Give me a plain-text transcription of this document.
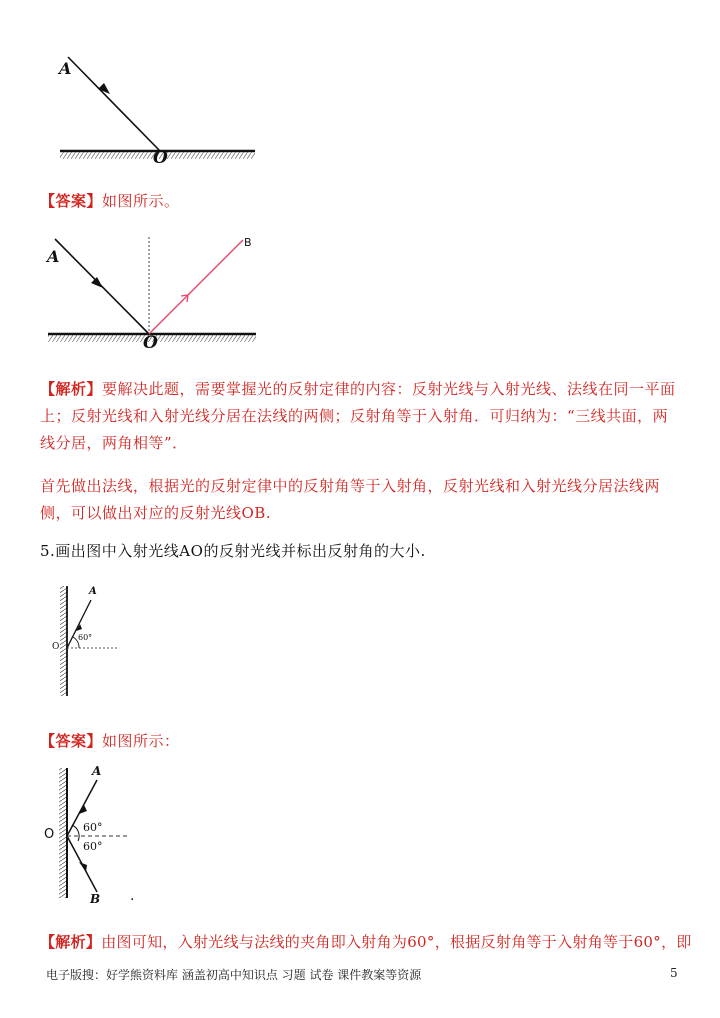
A
O
【答案】如图所示。
A
B
O
【解析】要解决此题，需要掌握光的反射定律的内容：反射光线与入射光线、法线在同一平面上；反射光线和入射光线分居在法线的两侧；反射角等于入射角．可归纳为：“三线共面，两线分居，两角相等”．
首先做出法线，根据光的反射定律中的反射角等于入射角，反射光线和入射光线分居法线两侧，可以做出对应的反射光线OB.
5.画出图中入射光线AO的反射光线并标出反射角的大小.
A
O
60°
【答案】如图所示：
A
O	60°
60°
B .
【解析】由图可知，入射光线与法线的夹角即入射角为60°，根据反射角等于入射角等于60°，即
电子版搜：好学熊资料库 涵盖初高中知识点 习题 试卷 课件教案等资源	5
